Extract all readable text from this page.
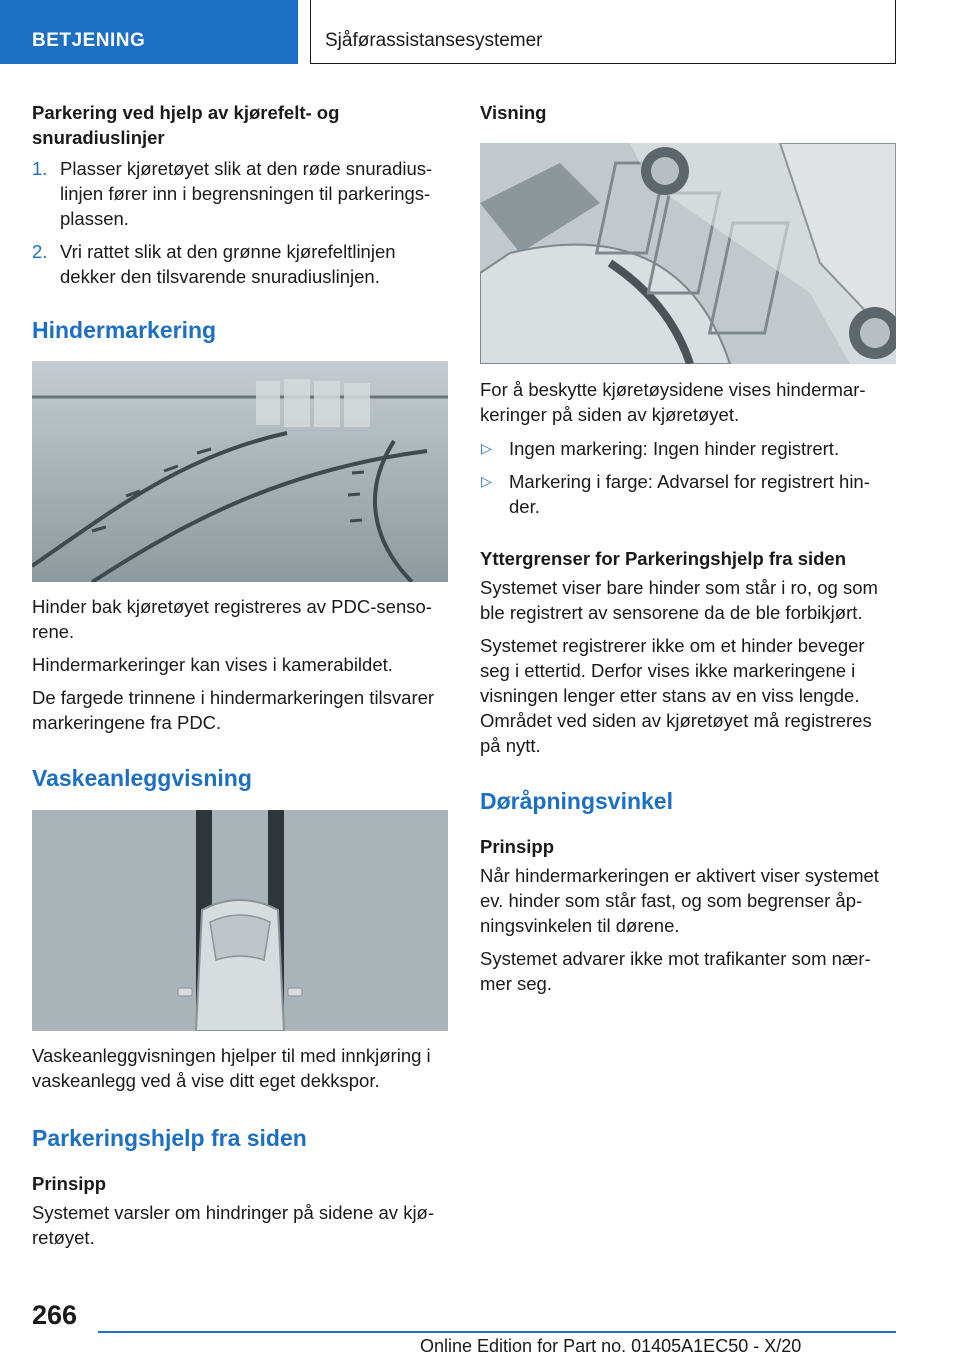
BETJENING	Sjåførassistansesystemer
Parkering ved hjelp av kjørefelt- og snuradiuslinjer
1. Plasser kjøretøyet slik at den røde snuradius-linjen fører inn i begrensningen til parkerings-plassen.
2. Vri rattet slik at den grønne kjørefeltlinjen dekker den tilsvarende snuradiuslinjen.
Hindermarkering

Hinder bak kjøretøyet registreres av PDC-senso-rene.

Hindermarkeringer kan vises i kamerabildet.

De fargede trinnene i hindermarkeringen tilsvarer markeringene fra PDC.

Vaskeanleggvisning

Vaskeanleggvisningen hjelper til med innkjøring i vaskeanlegg ved å vise ditt eget dekkspor.

Parkeringshjelp fra siden
Prinsipp

Systemet varsler om hindringer på sidene av kjø-retøyet.

Visning

For å beskytte kjøretøysidene vises hindermar-keringer på siden av kjøretøyet.

▷ Ingen markering: Ingen hinder registrert.
▷ Markering i farge: Advarsel for registrert hin-der.
Yttergrenser for Parkeringshjelp fra siden

Systemet viser bare hinder som står i ro, og som ble registrert av sensorene da de ble forbikjørt.

Systemet registrerer ikke om et hinder beveger seg i ettertid. Derfor vises ikke markeringene i visningen lenger etter stans av en viss lengde. Området ved siden av kjøretøyet må registreres på nytt.

Døråpningsvinkel
Prinsipp

Når hindermarkeringen er aktivert viser systemet ev. hinder som står fast, og som begrenser åp-ningsvinkelen til dørene.

Systemet advarer ikke mot trafikanter som nær-mer seg.

266
Online Edition for Part no. 01405A1EC50 - X/20
